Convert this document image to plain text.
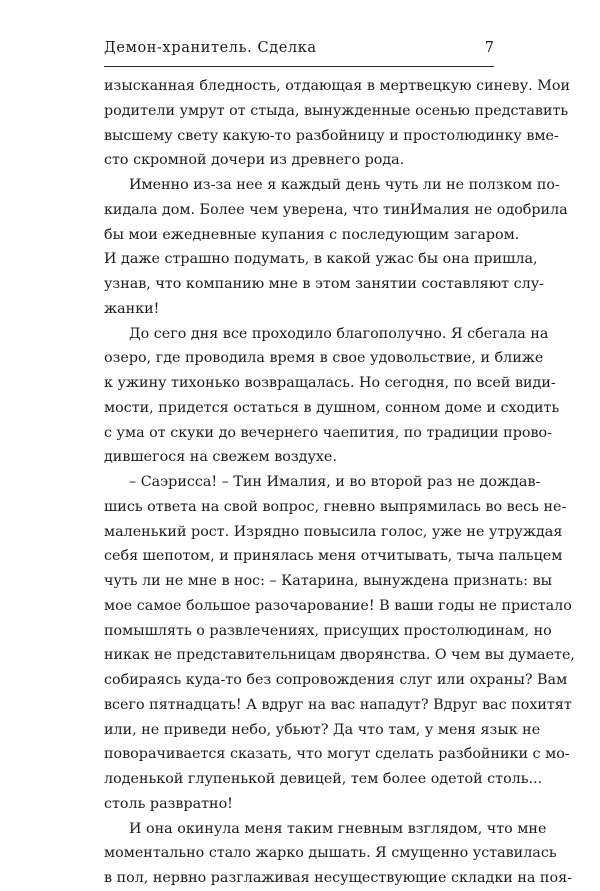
Демон-хранитель. Сделка	7
изысканная бледность, отдающая в мертвецкую синеву. Мои
родители умрут от стыда, вынужденные осенью представить
высшему свету какую-то разбойницу и простолюдинку вме-
сто скромной дочери из древнего рода.
Именно из-за нее я каждый день чуть ли не ползком по-
кидала дом. Более чем уверена, что тинИмалия не одобрила
бы мои ежедневные купания с последующим загаром.
И даже страшно подумать, в какой ужас бы она пришла,
узнав, что компанию мне в этом занятии составляют слу-
жанки!
До сего дня все проходило благополучно. Я сбегала на
озеро, где проводила время в свое удовольствие, и ближе
к ужину тихонько возвращалась. Но сегодня, по всей види-
мости, придется остаться в душном, сонном доме и сходить
с ума от скуки до вечернего чаепития, по традиции прово-
дившегося на свежем воздухе.
– Саэрисса! – Тин Ималия, и во второй раз не дождав-
шись ответа на свой вопрос, гневно выпрямилась во весь не-
маленький рост. Изрядно повысила голос, уже не утруждая
себя шепотом, и принялась меня отчитывать, тыча пальцем
чуть ли не мне в нос: – Катарина, вынуждена признать: вы
мое самое большое разочарование! В ваши годы не пристало
помышлять о развлечениях, присущих простолюдинам, но
никак не представительницам дворянства. О чем вы думаете,
собираясь куда-то без сопровождения слуг или охраны? Вам
всего пятнадцать! А вдруг на вас нападут? Вдруг вас похитят
или, не приведи небо, убьют? Да что там, у меня язык не
поворачивается сказать, что могут сделать разбойники с мо-
лоденькой глупенькой девицей, тем более одетой столь...
столь развратно!
И она окинула меня таким гневным взглядом, что мне
моментально стало жарко дышать. Я смущенно уставилась
в пол, нервно разглаживая несуществующие складки на поя-
